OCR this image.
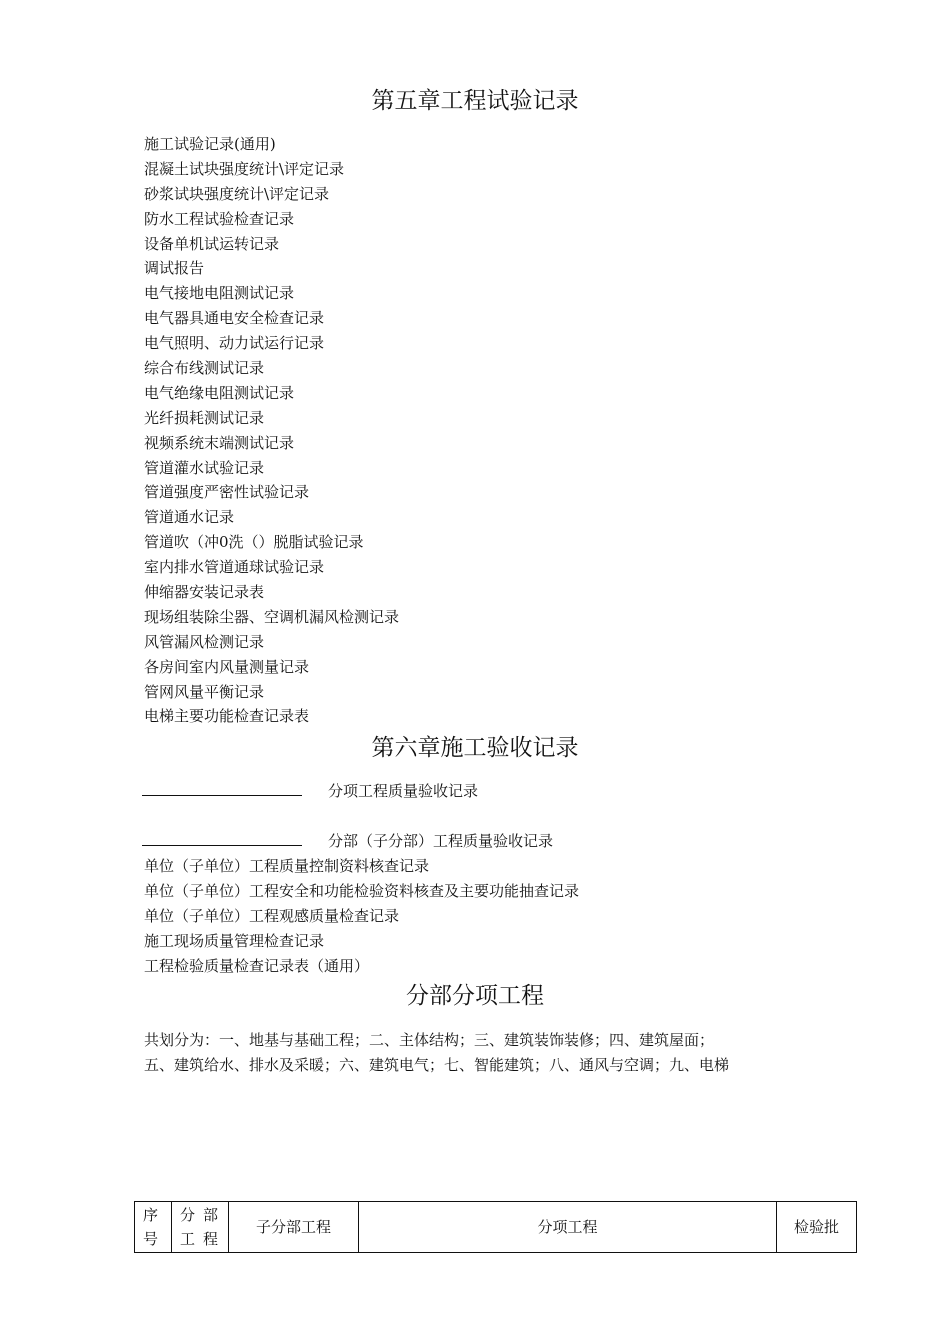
第五章工程试验记录
施工试验记录(通用)
混凝土试块强度统计\评定记录
砂浆试块强度统计\评定记录
防水工程试验检查记录
设备单机试运转记录
调试报告
电气接地电阻测试记录
电气器具通电安全检查记录
电气照明、动力试运行记录
综合布线测试记录
电气绝缘电阻测试记录
光纤损耗测试记录
视频系统末端测试记录
管道灌水试验记录
管道强度严密性试验记录
管道通水记录
管道吹（冲0洗（）脱脂试验记录
室内排水管道通球试验记录
伸缩器安装记录表
现场组装除尘器、空调机漏风检测记录
风管漏风检测记录
各房间室内风量测量记录
管网风量平衡记录
电梯主要功能检查记录表
第六章施工验收记录
分项工程质量验收记录
分部（子分部）工程质量验收记录
单位（子单位）工程质量控制资料核查记录
单位（子单位）工程安全和功能检验资料核查及主要功能抽查记录
单位（子单位）工程观感质量检查记录
施工现场质量管理检查记录
工程检验质量检查记录表（通用）
分部分项工程
共划分为：一、地基与基础工程；二、主体结构；三、建筑装饰装修；四、建筑屋面；
五、建筑给水、排水及采暖；六、建筑电气；七、智能建筑；八、通风与空调；九、电梯
序号	分部工程	子分部工程	分项工程	检验批
